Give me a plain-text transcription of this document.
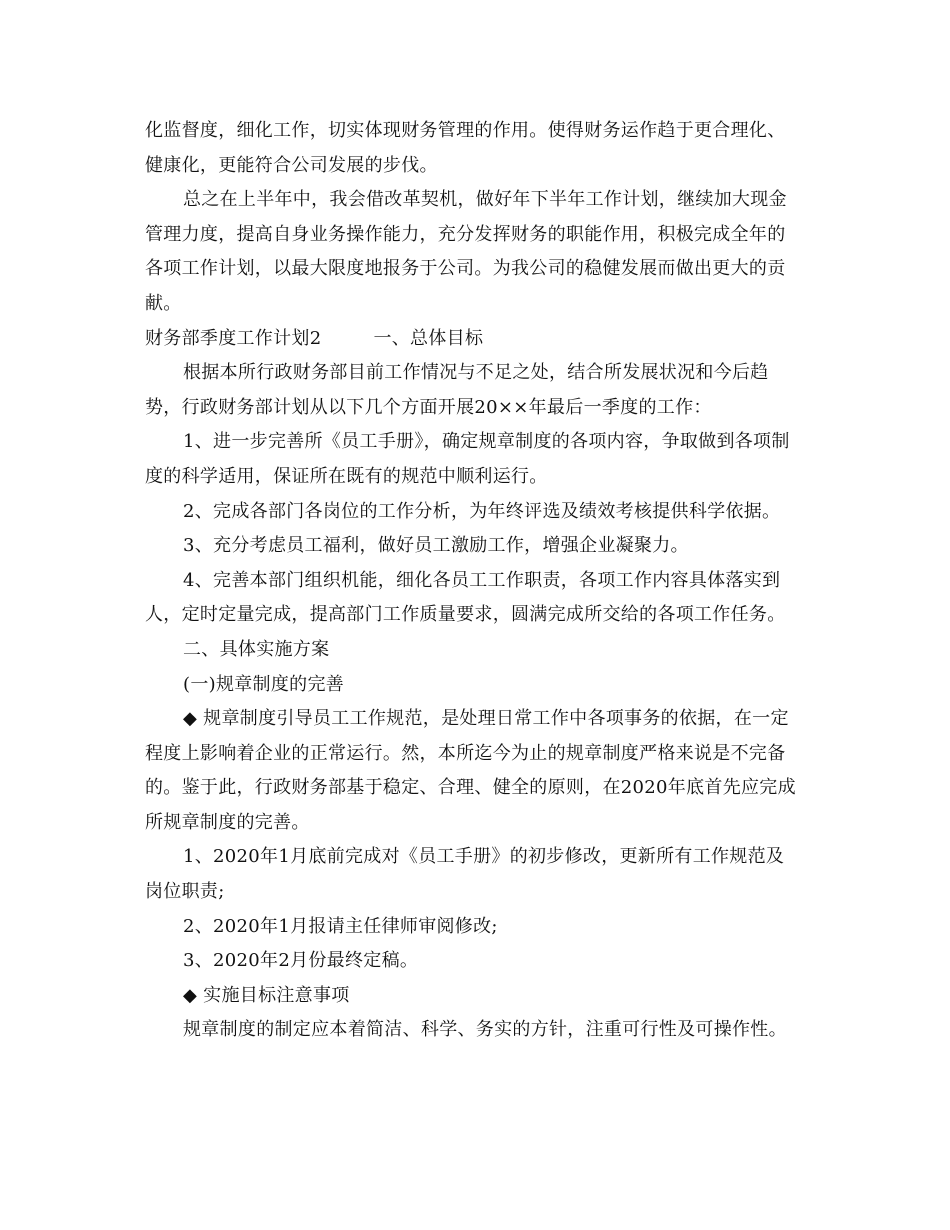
化监督度，细化工作，切实体现财务管理的作用。使得财务运作趋于更合理化、
健康化，更能符合公司发展的步伐。
总之在上半年中，我会借改革契机，做好年下半年工作计划，继续加大现金
管理力度，提高自身业务操作能力，充分发挥财务的职能作用，积极完成全年的
各项工作计划，以最大限度地报务于公司。为我公司的稳健发展而做出更大的贡
献。
财务部季度工作计划2	一、总体目标
根据本所行政财务部目前工作情况与不足之处，结合所发展状况和今后趋
势，行政财务部计划从以下几个方面开展20××年最后一季度的工作：
1、进一步完善所《员工手册》，确定规章制度的各项内容，争取做到各项制
度的科学适用，保证所在既有的规范中顺利运行。
2、完成各部门各岗位的工作分析，为年终评选及绩效考核提供科学依据。
3、充分考虑员工福利，做好员工激励工作，增强企业凝聚力。
4、完善本部门组织机能，细化各员工工作职责，各项工作内容具体落实到
人，定时定量完成，提高部门工作质量要求，圆满完成所交给的各项工作任务。
二、具体实施方案
(一)规章制度的完善
◆ 规章制度引导员工工作规范，是处理日常工作中各项事务的依据，在一定
程度上影响着企业的正常运行。然，本所迄今为止的规章制度严格来说是不完备
的。鉴于此，行政财务部基于稳定、合理、健全的原则，在2020年底首先应完成
所规章制度的完善。
1、2020年1月底前完成对《员工手册》的初步修改，更新所有工作规范及
岗位职责;
2、2020年1月报请主任律师审阅修改;
3、2020年2月份最终定稿。
◆ 实施目标注意事项
规章制度的制定应本着简洁、科学、务实的方针，注重可行性及可操作性。
